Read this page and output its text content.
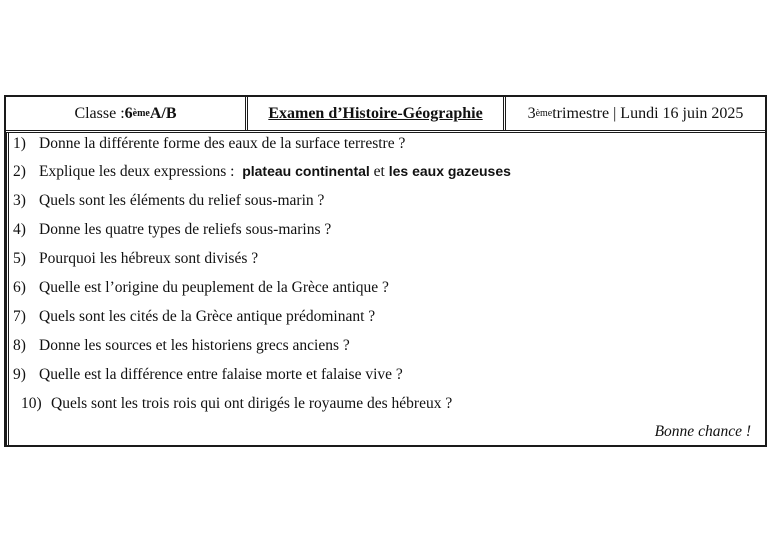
Classe : 6 ème A/B	Examen d’Histoire-Géographie	3 ème trimestre | Lundi 16 juin 2025
1) Donne la différente forme des eaux de la surface terrestre ?
2) Explique les deux expressions :  plateau continental et les eaux gazeuses
3) Quels sont les éléments du relief sous-marin ?
4) Donne les quatre types de reliefs sous-marins ?
5) Pourquoi les hébreux sont divisés ?
6) Quelle est l’origine du peuplement de la Grèce antique ?
7) Quels sont les cités de la Grèce antique prédominant ?
8) Donne les sources et les historiens grecs anciens ?
9) Quelle est la différence entre falaise morte et falaise vive ?
10) Quels sont les trois rois qui ont dirigés le royaume des hébreux ?
Bonne chance !
